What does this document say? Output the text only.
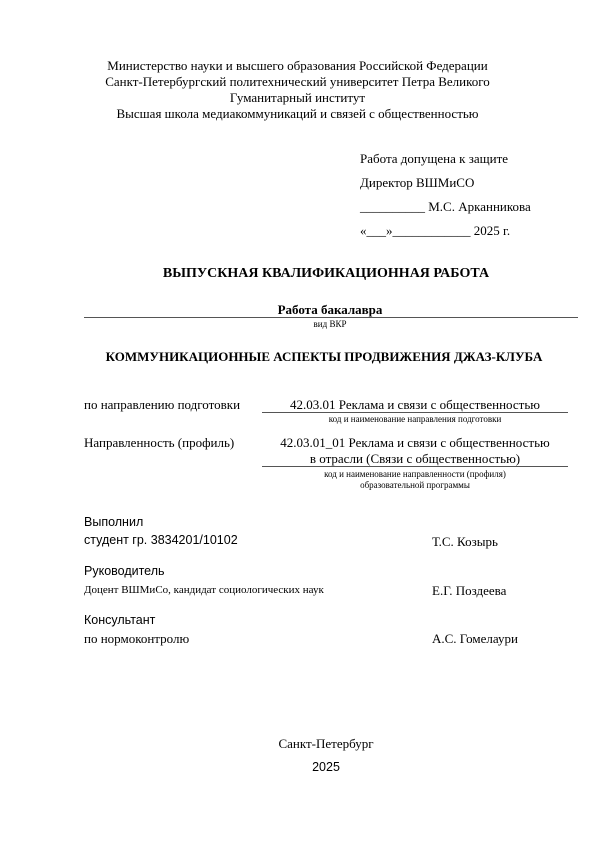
Министерство науки и высшего образования Российской Федерации
Санкт-Петербургский политехнический университет Петра Великого
Гуманитарный институт
Высшая школа медиакоммуникаций и связей с общественностью
Работа допущена к защите
Директор ВШМиСО
__________ М.С. Арканникова
«___»____________ 2025 г.
ВЫПУСКНАЯ КВАЛИФИКАЦИОННАЯ РАБОТА
Работа бакалавра
вид ВКР
КОММУНИКАЦИОННЫЕ АСПЕКТЫ ПРОДВИЖЕНИЯ ДЖАЗ-КЛУБА
по направлению подготовки	42.03.01 Реклама и связи с общественностью
код и наименование направления подготовки
Направленность (профиль)	42.03.01_01 Реклама и связи с общественностью
в отрасли (Связи с общественностью)
код и наименование направленности (профиля)
образовательной программы
Выполнил
студент гр. 3834201/10102	Т.С. Козырь
Руководитель
Доцент ВШМиСо, кандидат социологических наук	Е.Г. Поздеева
Консультант
по нормоконтролю	А.С. Гомелаури
Санкт-Петербург
2025
